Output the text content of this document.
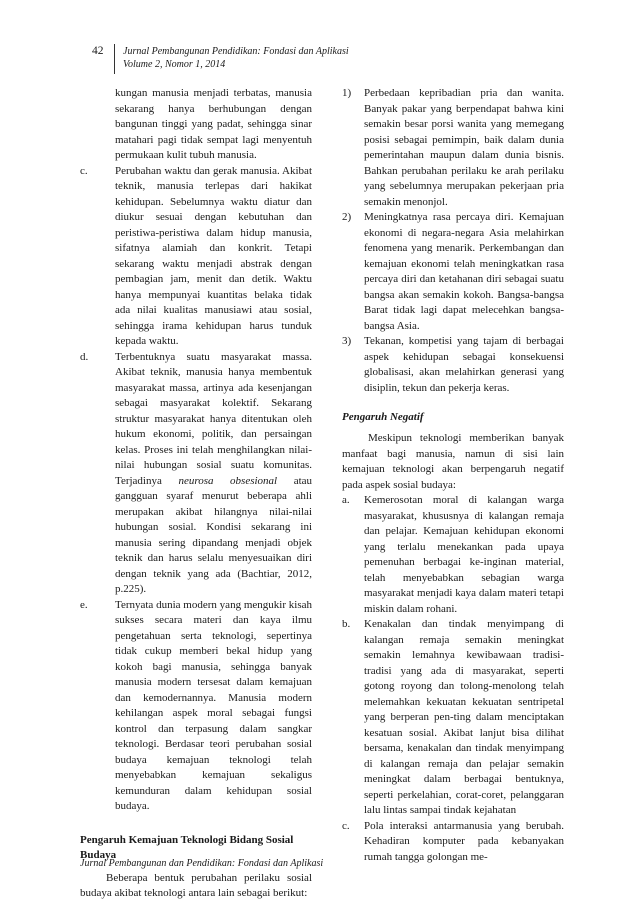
42	Jurnal Pembangunan Pendidikan: Fondasi dan Aplikasi
Volume 2, Nomor 1, 2014
kungan manusia menjadi terbatas, manusia sekarang hanya berhubungan dengan bangunan tinggi yang padat, sehingga sinar matahari pagi tidak sempat lagi menyentuh permukaan kulit tubuh manusia.
c. Perubahan waktu dan gerak manusia. Akibat teknik, manusia terlepas dari hakikat kehidupan. Sebelumnya waktu diatur dan diukur sesuai dengan kebutuhan dan peristiwa-peristiwa dalam hidup manusia, sifatnya alamiah dan konkrit. Tetapi sekarang waktu menjadi abstrak dengan pembagian jam, menit dan detik. Waktu hanya mempunyai kuantitas belaka tidak ada nilai kualitas manusiawi atau sosial, sehingga irama kehidupan harus tunduk kepada waktu.
d. Terbentuknya suatu masyarakat massa. Akibat teknik, manusia hanya membentuk masyarakat massa, artinya ada kesenjangan sebagai masyarakat kolektif. Sekarang struktur masyarakat hanya ditentukan oleh hukum ekonomi, politik, dan persaingan kelas. Proses ini telah menghilangkan nilai-nilai hubungan sosial suatu komunitas. Terjadinya neurosa obsesional atau gangguan syaraf menurut beberapa ahli merupakan akibat hilangnya nilai-nilai hubungan sosial. Kondisi sekarang ini manusia sering dipandang menjadi objek teknik dan harus selalu menyesuaikan diri dengan teknik yang ada (Bachtiar, 2012, p.225).
e. Ternyata dunia modern yang mengukir kisah sukses secara materi dan kaya ilmu pengetahuan serta teknologi, sepertinya tidak cukup memberi bekal hidup yang kokoh bagi manusia, sehingga banyak manusia modern tersesat dalam kemajuan dan kemodernannya. Manusia modern kehilangan aspek moral sebagai fungsi kontrol dan terpasung dalam sangkar teknologi. Berdasar teori perubahan sosial budaya kemajuan teknologi telah menyebabkan kemajuan sekaligus kemunduran dalam kehidupan sosial budaya.
Pengaruh Kemajuan Teknologi Bidang Sosial Budaya

Beberapa bentuk perubahan perilaku sosial budaya akibat teknologi antara lain sebagai berikut:

1) Perbedaan kepribadian pria dan wanita. Banyak pakar yang berpendapat bahwa kini semakin besar porsi wanita yang memegang posisi sebagai pemimpin, baik dalam dunia pemerintahan maupun dalam dunia bisnis. Bahkan perubahan perilaku ke arah perilaku yang sebelumnya merupakan pekerjaan pria semakin menonjol.
2) Meningkatnya rasa percaya diri. Kemajuan ekonomi di negara-negara Asia melahirkan fenomena yang menarik. Perkembangan dan kemajuan ekonomi telah meningkatkan rasa percaya diri dan ketahanan diri sebagai suatu bangsa akan semakin kokoh. Bangsa-bangsa Barat tidak lagi dapat melecehkan bangsa-bangsa Asia.
3) Tekanan, kompetisi yang tajam di berbagai aspek kehidupan sebagai konsekuensi globalisasi, akan melahirkan generasi yang disiplin, tekun dan pekerja keras.
Pengaruh Negatif

Meskipun teknologi memberikan banyak manfaat bagi manusia, namun di sisi lain kemajuan teknologi akan berpengaruh negatif pada aspek sosial budaya:

a. Kemerosotan moral di kalangan warga masyarakat, khususnya di kalangan remaja dan pelajar. Kemajuan kehidupan ekonomi yang terlalu menekankan pada upaya pemenuhan berbagai ke-inginan material, telah menyebabkan sebagian warga masyarakat menjadi kaya dalam materi tetapi miskin dalam rohani.
b. Kenakalan dan tindak menyimpang di kalangan remaja semakin meningkat semakin lemahnya kewibawaan tradisi-tradisi yang ada di masyarakat, seperti gotong royong dan tolong-menolong telah melemahkan kekuatan kekuatan sentripetal yang berperan pen-ting dalam menciptakan kesatuan sosial. Akibat lanjut bisa dilihat bersama, kenakalan dan tindak menyimpang di kalangan remaja dan pelajar semakin meningkat dalam berbagai bentuknya, seperti perkelahian, corat-coret, pelanggaran lalu lintas sampai tindak kejahatan
c. Pola interaksi antarmanusia yang berubah. Kehadiran komputer pada kebanyakan rumah tangga golongan me-
Jurnal Pembangunan dan Pendidikan: Fondasi dan Aplikasi
